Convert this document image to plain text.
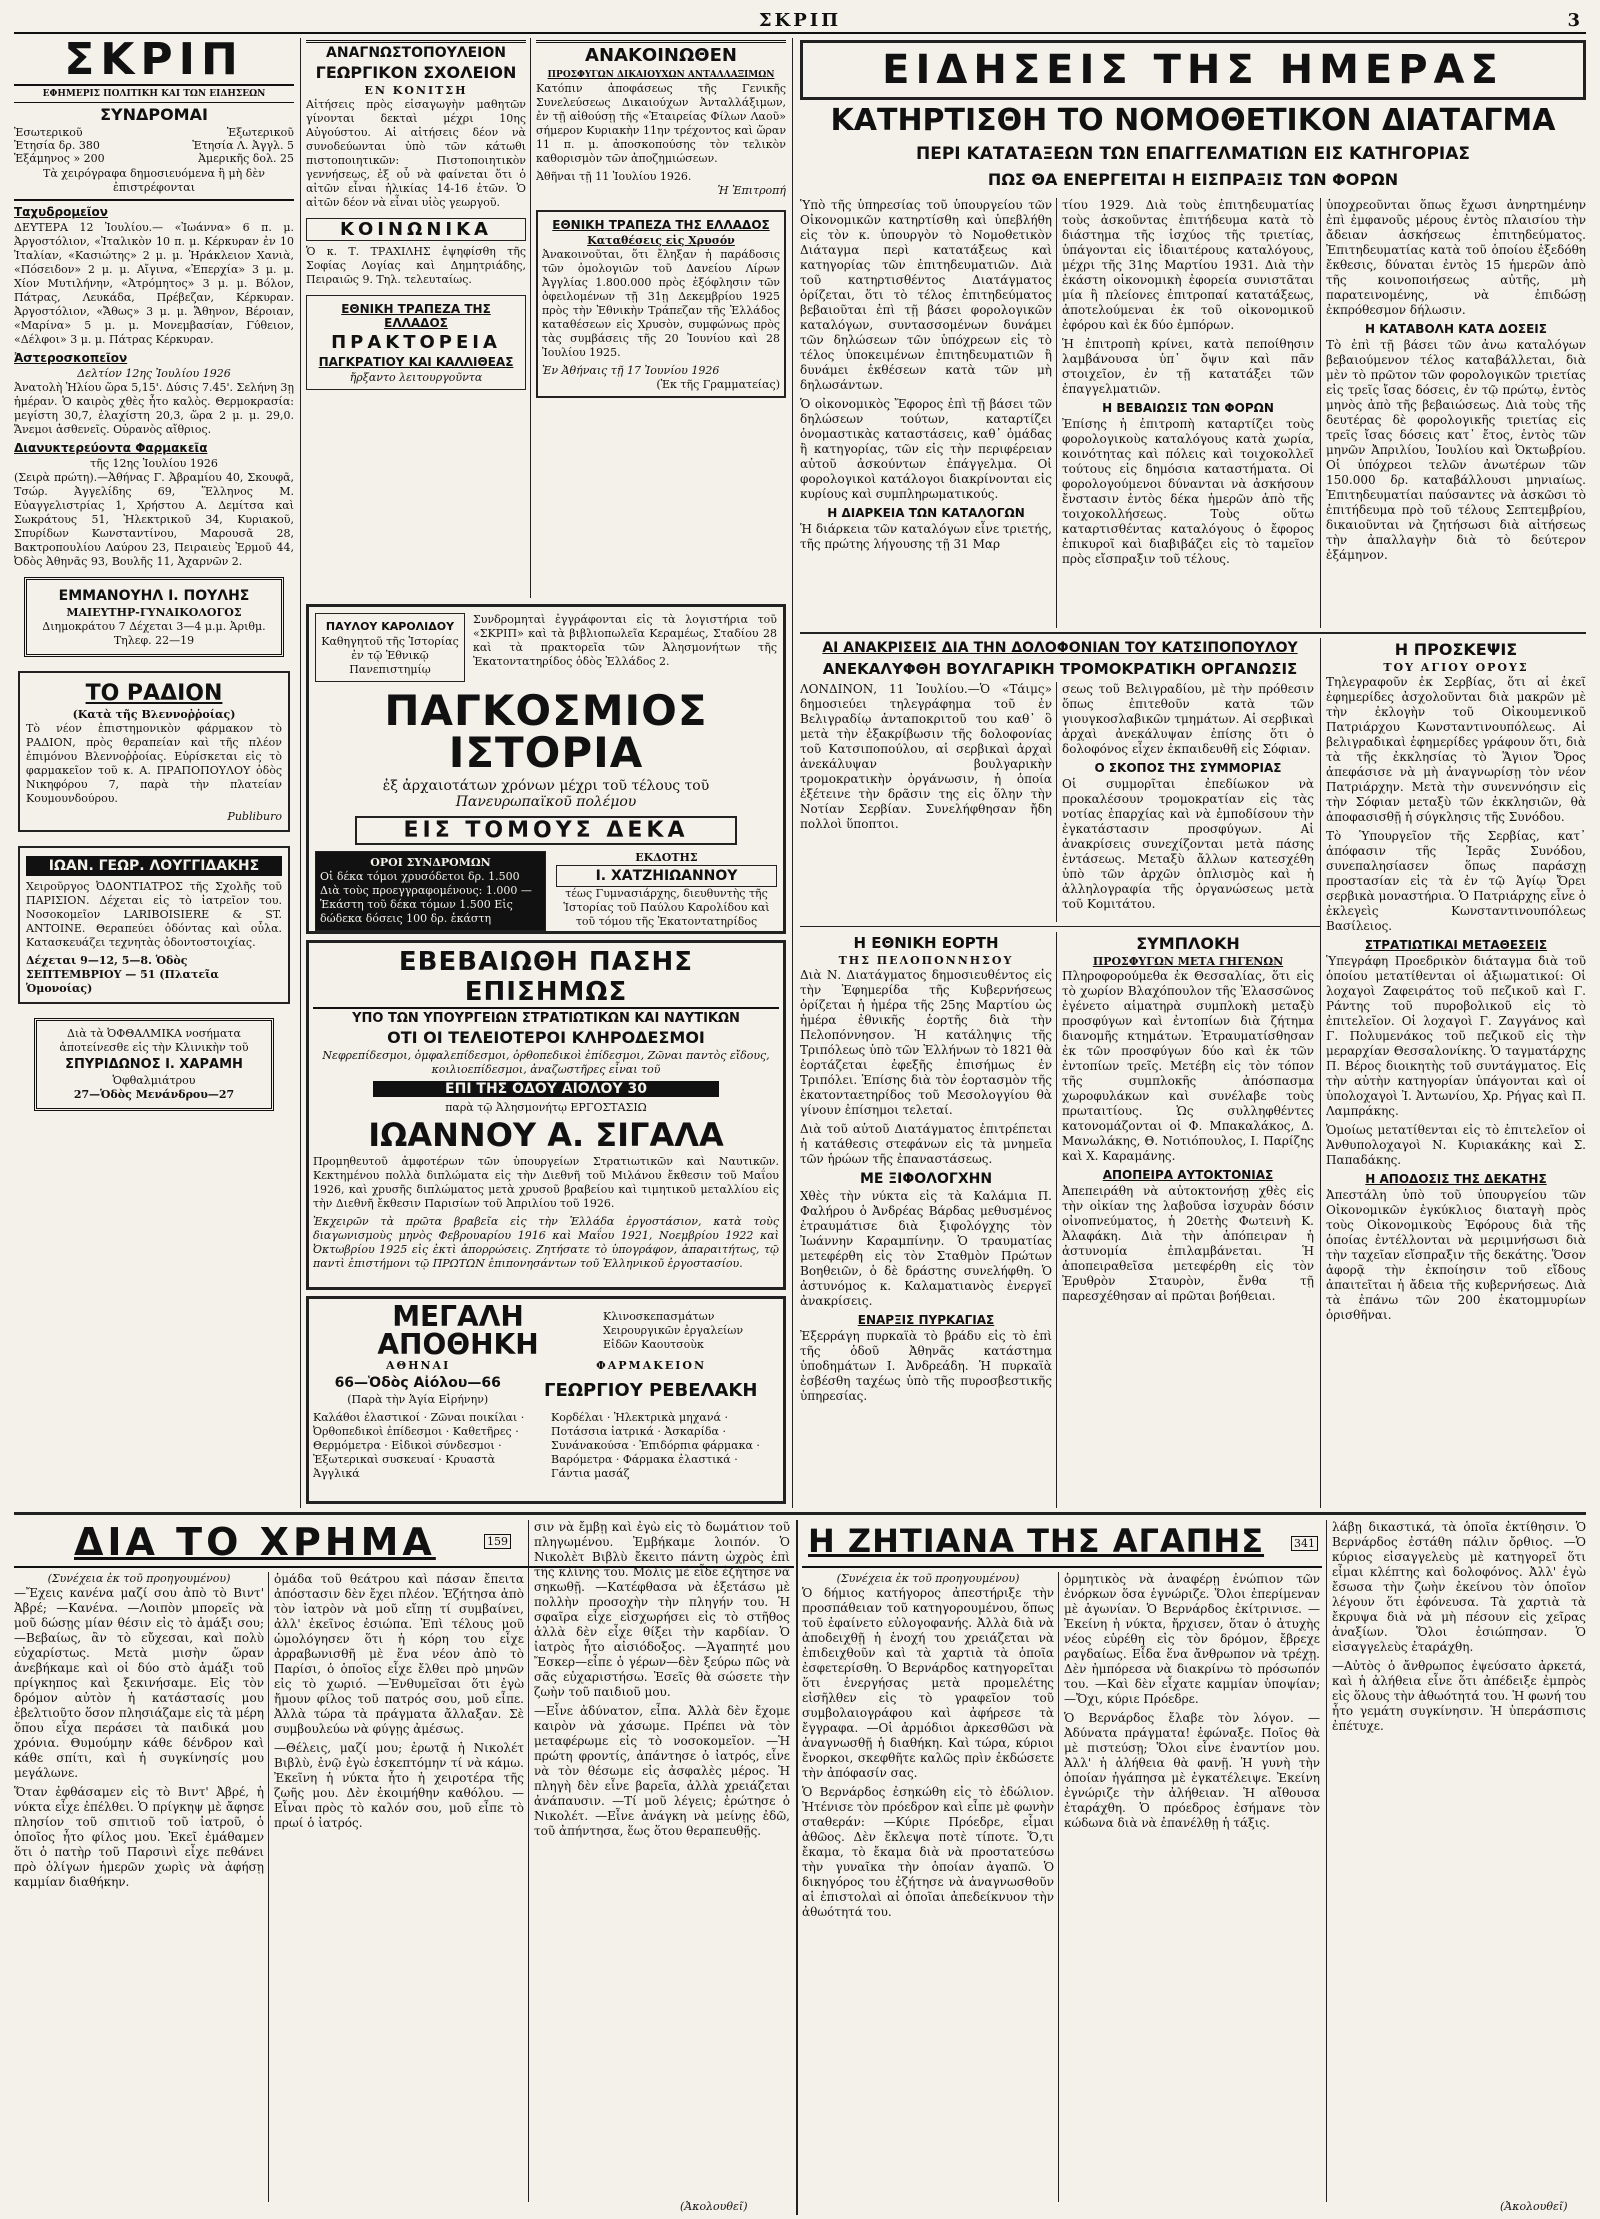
ΣΚΡΙΠ	3
ΣΚΡΙΠ
ΕΦΗΜΕΡΙΣ ΠΟΛΙΤΙΚΗ ΚΑΙ ΤΩΝ ΕΙΔΗΣΕΩΝ
ΣΥΝΔΡΟΜΑΙ
Ἐσωτερικοῦ	Ἐξωτερικοῦ
Ἐτησία δρ. 380	Ἐτησία Λ. Ἀγγλ. 5
Ἑξάμηνος » 200	Ἀμερικῆς δολ. 25
Τὰ χειρόγραφα δημοσιευόμενα ἢ μὴ δὲν ἐπιστρέφονται
Ταχυδρομεῖον

ΔΕΥΤΕΡΑ 12 Ἰουλίου.— «Ἰωάννα» 6 π. μ. Ἀργοστόλιον, «Ἰταλικὸν 10 π. μ. Κέρκυραν ἐν 10 Ἰταλίαν, «Κασιώτης» 2 μ. μ. Ἡράκλειον Χανιὰ, «Πόσειδον» 2 μ. μ. Αἴγινα, «Ἐπερχία» 3 μ. μ. Χίον Μυτιλήνην, «Ἀτρόμητος» 3 μ. μ. Βόλον, Πάτρας, Λευκάδα, Πρέβεζαν, Κέρκυραν. Ἀργοστόλιον, «Ἄθως» 3 μ. μ. Ἄθηνον, Βέροιαν, «Μαρίνα» 5 μ. μ. Μονεμβασίαν, Γύθειον, «Δέλφοι» 3 μ. μ. Πάτρας Κέρκυραν.

Ἀστεροσκοπεῖον
Δελτίον 12ης Ἰουλίου 1926

Ἀνατολὴ Ἡλίου ὥρα 5,15'. Δύσις 7.45'. Σελήνη 3ῃ ἡμέραν. Ὁ καιρὸς χθὲς ἦτο καλὸς. Θερμοκρασία: μεγίστη 30,7, ἐλαχίστη 20,3, ὥρα 2 μ. μ. 29,0. Ἄνεμοι ἀσθενεῖς. Οὐρανὸς αἴθριος.

Διανυκτερεύοντα Φαρμακεῖα
τῆς 12ης Ἰουλίου 1926

(Σειρὰ πρώτη).—Ἀθήνας Γ. Ἀβραμίου 40, Σκουφᾶ, Τσώρ. Ἀγγελίδης 69, Ἕλληνος Μ. Εὐαγγελιστρίας 1, Χρήστου Α. Δεμίτσα καὶ Σωκράτους 51, Ἠλεκτρικοῦ 34, Κυριακοῦ, Σπυρίδων Κωνσταντίνου, Μαρουσᾶ 28, Βακτροπουλίου Λαύρου 23, Πειραιεὺς Ἐρμοῦ 44, Ὀδὸς Ἀθηνᾶς 93, Βουλῆς 11, Ἀχαρνῶν 2.

ΕΜΜΑΝΟΥΗΛ Ι. ΠΟΥΛΗΣ
ΜΑΙΕΥΤΗΡ-ΓΥΝΑΙΚΟΛΟΓΟΣ
Διημοκράτου 7 Δέχεται 3—4 μ.μ. Ἀριθμ. Τηλεφ. 22—19
ΤΟ ΡΑΔΙΟΝ
(Κατὰ τῆς Βλεννοῤῥοίας)

Τὸ νέον ἐπιστημονικὸν φάρμακον τὸ ΡΑΔΙΟΝ, πρὸς θεραπείαν καὶ τῆς πλέον ἐπιμόνου Βλεννοῤῥοίας. Εὑρίσκεται εἰς τὸ φαρμακεῖον τοῦ κ. Α. ΠΡΑΠΟΠΟΥΛΟΥ ὁδὸς Νικηφόρου 7, παρὰ τὴν πλατείαν Κουμουνδούρου.

Publiburo
ΙΩΑΝ. ΓΕΩΡ. ΛΟΥΓΓΙΔΑΚΗΣ

Χειροῦργος ὈΔΟΝΤΙΑΤΡΟΣ τῆς Σχολῆς τοῦ ΠΑΡΙΣΙΟΝ. Δέχεται εἰς τὸ ἰατρεῖον του. Νοσοκομεῖον LARIBOISIERE & ST. ANTOINE. Θεραπεύει ὁδόντας καὶ οὖλα. Κατασκευάζει τεχνητὰς ὀδοντοστοιχίας.

Δέχεται 9—12, 5—8. Ὁδὸς ΣΕΠΤΕΜΒΡΙΟΥ — 51 (Πλατεῖα Ὁμονοίας)
Διὰ τὰ ὈΦΘΑΛΜΙΚΑ νοσήματα ἀποτείνεσθε εἰς τὴν Κλινικὴν τοῦ
ΣΠΥΡΙΔΩΝΟΣ Ι. ΧΑΡΑΜΗ
Ὁφθαλμιάτρου
27—Ὁδὸς Μενάνδρου—27
ΑΝΑΓΝΩΣΤΟΠΟΥΛΕΙΟΝ
ΓΕΩΡΓΙΚΟΝ ΣΧΟΛΕΙΟΝ
ΕΝ ΚΟΝΙΤΣΗ

Αἰτήσεις πρὸς εἰσαγωγὴν μαθητῶν γίνονται δεκταὶ μέχρι 10ης Αὐγούστου. Αἱ αἰτήσεις δέον νὰ συνοδεύωνται ὑπὸ τῶν κάτωθι πιστοποιητικῶν: Πιστοποιητικὸν γεννήσεως, ἐξ οὗ νὰ φαίνεται ὅτι ὁ αἰτῶν εἶναι ἡλικίας 14-16 ἐτῶν. Ὁ αἰτῶν δέον νὰ εἶναι υἱὸς γεωργοῦ.

ΚΟΙΝΩΝΙΚΑ

Ὁ κ. Τ. ΤΡΑΧΙΛΗΣ ἐψηφίσθη τῆς Σοφίας Λογίας καὶ Δημητριάδης, Πειραιῶς 9. Τηλ. τελευταίως.

ΕΘΝΙΚΗ ΤΡΑΠΕΖΑ ΤΗΣ ΕΛΛΑΔΟΣ
ΠΡΑΚΤΟΡΕΙΑ
ΠΑΓΚΡΑΤΙΟΥ ΚΑΙ ΚΑΛΛΙΘΕΑΣ
ἤρξαντο λειτουργοῦντα
ΑΝΑΚΟΙΝΩΘΕΝ
ΠΡΟΣΦΥΓΩΝ ΔΙΚΑΙΟΥΧΩΝ ΑΝΤΑΛΛΑΞΙΜΩΝ

Κατόπιν ἀποφάσεως τῆς Γενικῆς Συνελεύσεως Δικαιούχων Ἀνταλλάξιμων, ἐν τῇ αἰθούσῃ τῆς «Ἑταιρείας Φίλων Λαοῦ» σήμερον Κυριακὴν 11ην τρέχοντος καὶ ὥραν 11 π. μ. ἀποσκοπούσης τὸν τελικὸν καθορισμὸν τῶν ἀποζημιώσεων.

Ἀθῆναι τῇ 11 Ἰουλίου 1926.
Ἡ Ἐπιτροπή
ΕΘΝΙΚΗ ΤΡΑΠΕΖΑ ΤΗΣ ΕΛΛΑΔΟΣ
Καταθέσεις εἰς Χρυσόν

Ἀνακοινοῦται, ὅτι ἔληξαν ἡ παράδοσις τῶν ὁμολογιῶν τοῦ Δανείου Λίρων Ἀγγλίας 1.800.000 πρὸς ἐξόφλησιν τῶν ὀφειλομένων τῇ 31ῃ Δεκεμβρίου 1925 πρὸς τὴν Ἐθνικὴν Τράπεζαν τῆς Ἑλλάδος καταθέσεων εἰς Χρυσὸν, συμφώνως πρὸς τὰς συμβάσεις τῆς 20 Ἰουνίου καὶ 28 Ἰουλίου 1925.

Ἐν Ἀθήναις τῇ 17 Ἰουνίου 1926
(Ἐκ τῆς Γραμματείας)
ΠΑΥΛΟΥ ΚΑΡΟΛΙΔΟΥ
Καθηγητοῦ τῆς Ἱστορίας ἐν τῷ Ἐθνικῷ Πανεπιστημίῳ

Συνδρομηταὶ ἐγγράφονται εἰς τὰ λογιστήρια τοῦ «ΣΚΡΙΠ» καὶ τὰ βιβλιοπωλεῖα Κεραμέως, Σταδίου 28 καὶ τὰ πρακτορεῖα τῶν Ἀλησμονήτων τῆς Ἐκατοντατηρίδος ὁδὸς Ἑλλάδος 2.

ΠΑΓΚΟΣΜΙΟΣ ΙΣΤΟΡΙΑ
ἐξ ἀρχαιοτάτων χρόνων μέχρι τοῦ τέλους τοῦ
Πανευρωπαϊκοῦ πολέμου
ΕΙΣ ΤΟΜΟΥΣ ΔΕΚΑ
ΟΡΟΙ ΣΥΝΔΡΟΜΩΝ
Οἱ δέκα τόμοι χρυσόδετοι δρ. 1.500 Διὰ τοὺς προεγγραφομένους: 1.000 —Ἑκάστη τοῦ δέκα τόμων 1.500 Εἰς δώδεκα δόσεις 100 δρ. ἑκάστη
ΕΚΔΟΤΗΣ
Ι. ΧΑΤΖΗΙΩΑΝΝΟΥ
τέως Γυμνασιάρχης, διευθυντὴς τῆς Ἱστορίας τοῦ Παύλου Καρολίδου καὶ τοῦ τόμου τῆς Ἐκατοντατηρίδος
ΕΒΕΒΑΙΩΘΗ ΠΑΣΗΣ ΕΠΙΣΗΜΩΣ
ΥΠΟ ΤΩΝ ΥΠΟΥΡΓΕΙΩΝ ΣΤΡΑΤΙΩΤΙΚΩΝ ΚΑΙ ΝΑΥΤΙΚΩΝ
ΟΤΙ ΟΙ ΤΕΛΕΙΟΤΕΡΟΙ ΚΛΗΡΟΔΕΣΜΟΙ
Νεφρεπίδεσμοι, ὀμφαλεπίδεσμοι, ὀρθοπεδικοὶ ἐπίδεσμοι, Ζῶναι παντὸς εἴδους, κοιλιοεπίδεσμοι, ἀναζωστῆρες εἶναι τοῦ
ΕΠΙ ΤΗΣ ΟΔΟΥ ΑΙΟΛΟΥ 30
παρὰ τῷ Ἀλησμονήτῳ ΕΡΓΟΣΤΑΣΙΩ
ΙΩΑΝΝΟΥ Α. ΣΙΓΑΛΑ

Προμηθευτοῦ ἀμφοτέρων τῶν ὑπουργείων Στρατιωτικῶν καὶ Ναυτικῶν. Κεκτημένου πολλὰ διπλώματα εἰς τὴν Διεθνῆ τοῦ Μιλάνου ἔκθεσιν τοῦ Μαΐου 1926, καὶ χρυσῆς διπλώματος μετὰ χρυσοῦ βραβείου καὶ τιμητικοῦ μεταλλίου εἰς τὴν Διεθνῆ ἔκθεσιν Παρισίων τοῦ Ἀπριλίου τοῦ 1926.

Ἐκχειρῶν τὰ πρῶτα βραβεῖα εἰς τὴν Ἑλλάδα ἐργοστάσιον, κατὰ τοὺς διαγωνισμοὺς μηνὸς Φεβρουαρίου 1916 καὶ Μαΐου 1921, Νοεμβρίου 1922 καὶ Ὀκτωβρίου 1925 εἰς ἐκτὶ ἀπορρώσεις. Ζητήσατε τὸ ὑπογράφον, ἀπαραιτήτως, τῷ παντὶ ἐπιστήμονι τῷ ΠΡΩΤΩΝ ἐπιπονησάντων τοῦ Ἑλληνικοῦ ἐργοστασίου.

ΜΕΓΑΛΗ ΑΠΟΘΗΚΗ
Κλινοσκεπασμάτων Χειρουργικῶν ἐργαλείων Εἰδῶν Καουτσοὺκ
ΑΘΗΝΑΙ	ΦΑΡΜΑΚΕΙΟΝ
66—Ὁδὸς Αἰόλου—66
(Παρὰ τὴν Ἁγία Εἰρήνην)	ΓΕΩΡΓΙΟΥ ΡΕΒΕΛΑΚΗ
Καλάθοι ἐλαστικοί · Ζῶναι ποικίλαι · Ὀρθοπεδικοὶ ἐπίδεσμοι · Καθετῆρες · Θερμόμετρα · Εἰδικοὶ σύνδεσμοι · Ἐξωτερικαὶ συσκευαί · Κρυαστὰ Ἀγγλικά
Κορδέλαι · Ἠλεκτρικὰ μηχανά · Ποτάσσια ἰατρικά · Ἀσκαρίδα · Συνάνακούσα · Ἐπιδόρπια φάρμακα · Βαρόμετρα · Φάρμακα ἐλαστικά · Γάντια μασάζ
ΕΙΔΗΣΕΙΣ ΤΗΣ ΗΜΕΡΑΣ
ΚΑΤΗΡΤΙΣΘΗ ΤΟ ΝΟΜΟΘΕΤΙΚΟΝ ΔΙΑΤΑΓΜΑ
ΠΕΡΙ ΚΑΤΑΤΑΞΕΩΝ ΤΩΝ ΕΠΑΓΓΕΛΜΑΤΙΩΝ ΕΙΣ ΚΑΤΗΓΟΡΙΑΣ
ΠΩΣ ΘΑ ΕΝΕΡΓΕΙΤΑΙ Η ΕΙΣΠΡΑΞΙΣ ΤΩΝ ΦΟΡΩΝ

Ὑπὸ τῆς ὑπηρεσίας τοῦ ὑπουργείου τῶν Οἰκονομικῶν κατηρτίσθη καὶ ὑπεβλήθη εἰς τὸν κ. ὑπουργὸν τὸ Νομοθετικὸν Διάταγμα περὶ κατατάξεως καὶ κατηγορίας τῶν ἐπιτηδευματιῶν. Διὰ τοῦ κατηρτισθέντος Διατάγματος ὁρίζεται, ὅτι τὸ τέλος ἐπιτηδεύματος βεβαιοῦται ἐπὶ τῇ βάσει φορολογικῶν καταλόγων, συντασσομένων δυνάμει τῶν δηλώσεων τῶν ὑπόχρεων εἰς τὸ τέλος ὑποκειμένων ἐπιτηδευματιῶν ἢ δυνάμει ἐκθέσεων κατὰ τῶν μὴ δηλωσάντων.

Ὁ οἰκονομικὸς Ἔφορος ἐπὶ τῇ βάσει τῶν δηλώσεων τούτων, καταρτίζει ὀνομαστικὰς καταστάσεις, καθ᾽ ὁμάδας ἢ κατηγορίας, τῶν εἰς τὴν περιφέρειαν αὐτοῦ ἀσκούντων ἐπάγγελμα. Οἱ φορολογικοὶ κατάλογοι διακρίνονται εἰς κυρίους καὶ συμπληρωματικούς.

Η ΔΙΑΡΚΕΙΑ ΤΩΝ ΚΑΤΑΛΟΓΩΝ

Ἡ διάρκεια τῶν καταλόγων εἶνε τριετής, τῆς πρώτης λήγουσης τῇ 31 Μαρ

τίου 1929. Διὰ τοὺς ἐπιτηδευματίας τοὺς ἀσκοῦντας ἐπιτήδευμα κατὰ τὸ διάστημα τῆς ἰσχύος τῆς τριετίας, ὑπάγονται εἰς ἰδιαιτέρους καταλόγους, μέχρι τῆς 31ης Μαρτίου 1931. Διὰ τὴν ἐκάστη οἰκονομικὴ ἐφορεία συνιστᾶται μία ἢ πλείονες ἐπιτροπαί κατατάξεως, ἀποτελούμεναι ἐκ τοῦ οἰκονομικοῦ ἐφόρου καὶ ἐκ δύο ἐμπόρων.

Ἡ ἐπιτροπὴ κρίνει, κατὰ πεποίθησιν λαμβάνουσα ὑπ᾽ ὄψιν καὶ πᾶν στοιχεῖον, ἐν τῇ κατατάξει τῶν ἐπαγγελματιῶν.

Η ΒΕΒΑΙΩΣΙΣ ΤΩΝ ΦΟΡΩΝ

Ἐπίσης ἡ ἐπιτροπὴ καταρτίζει τοὺς φορολογικοὺς καταλόγους κατὰ χωρία, κοινότητας καὶ πόλεις καὶ τοιχοκολλεῖ τούτους εἰς δημόσια καταστήματα. Οἱ φορολογούμενοι δύνανται νὰ ἀσκήσουν ἔνστασιν ἐντὸς δέκα ἡμερῶν ἀπὸ τῆς τοιχοκολλήσεως. Τοὺς οὕτω καταρτισθέντας καταλόγους ὁ ἔφορος ἐπικυροῖ καὶ διαβιβάζει εἰς τὸ ταμεῖον πρὸς εἴσπραξιν τοῦ τέλους.

ὑποχρεοῦνται ὅπως ἔχωσι ἀνηρτημένην ἐπὶ ἐμφανοῦς μέρους ἐντὸς πλαισίου τὴν ἄδειαν ἀσκήσεως ἐπιτηδεύματος. Ἐπιτηδευματίας κατὰ τοῦ ὁποίου ἐξεδόθη ἔκθεσις, δύναται ἐντὸς 15 ἡμερῶν ἀπὸ τῆς κοινοποιήσεως αὐτῆς, μὴ παρατεινομένης, νὰ ἐπιδώσῃ ἐκπρόθεσμον δήλωσιν.

Η ΚΑΤΑΒΟΛΗ ΚΑΤΑ ΔΟΣΕΙΣ

Τὸ ἐπὶ τῇ βάσει τῶν ἀνω καταλόγων βεβαιούμενον τέλος καταβάλλεται, διὰ μὲν τὸ πρῶτον τῶν φορολογικῶν τριετίας εἰς τρεῖς ἴσας δόσεις, ἐν τῷ πρώτῳ, ἐντὸς μηνὸς ἀπὸ τῆς βεβαιώσεως. Διὰ τοὺς τῆς δευτέρας δὲ φορολογικῆς τριετίας εἰς τρεῖς ἴσας δόσεις κατ᾽ ἔτος, ἐντὸς τῶν μηνῶν Ἀπριλίου, Ἰουλίου καὶ Ὀκτωβρίου. Οἱ ὑπόχρεοι τελῶν ἀνωτέρων τῶν 150.000 δρ. καταβάλλουσι μηνιαίως. Ἐπιτηδευματίαι παύσαντες νὰ ἀσκῶσι τὸ ἐπιτήδευμα πρὸ τοῦ τέλους Σεπτεμβρίου, δικαιοῦνται νὰ ζητήσωσι διὰ αἰτήσεως τὴν ἀπαλλαγὴν διὰ τὸ δεύτερον ἑξάμηνον.

ΑΙ ΑΝΑΚΡΙΣΕΙΣ ΔΙΑ ΤΗΝ ΔΟΛΟΦΟΝΙΑΝ ΤΟΥ ΚΑΤΣΙΠΟΠΟΥΛΟΥ
ΑΝΕΚΑΛΥΦΘΗ ΒΟΥΛΓΑΡΙΚΗ ΤΡΟΜΟΚΡΑΤΙΚΗ ΟΡΓΑΝΩΣΙΣ

ΛΟΝΔΙΝΟΝ, 11 Ἰουλίου.—Ὁ «Τάιμς» δημοσιεύει τηλεγράφημα τοῦ ἐν Βελιγραδίῳ ἀνταποκριτοῦ του καθ᾽ ὃ μετὰ τὴν ἐξακρίβωσιν τῆς δολοφονίας τοῦ Κατσιποπούλου, αἱ σερβικαὶ ἀρχαὶ ἀνεκάλυψαν βουλγαρικὴν τρομοκρατικὴν ὀργάνωσιν, ἡ ὁποία ἐξέτεινε τὴν δρᾶσιν της εἰς ὅλην τὴν Νοτίαν Σερβίαν. Συνελήφθησαν ἤδη πολλοὶ ὕποπτοι.

σεως τοῦ Βελιγραδίου, μὲ τὴν πρόθεσιν ὅπως ἐπιτεθοῦν κατὰ τῶν γιουγκοσλαβικῶν τμημάτων. Αἱ σερβικαὶ ἀρχαὶ ἀνεκάλυψαν ἐπίσης ὅτι ὁ δολοφόνος εἶχεν ἐκπαιδευθῆ εἰς Σόφιαν.

Ο ΣΚΟΠΟΣ ΤΗΣ ΣΥΜΜΟΡΙΑΣ

Οἱ συμμορῖται ἐπεδίωκον νὰ προκαλέσουν τρομοκρατίαν εἰς τὰς νοτίας ἐπαρχίας καὶ νὰ ἐμποδίσουν τὴν ἐγκατάστασιν προσφύγων. Αἱ ἀνακρίσεις συνεχίζονται μετὰ πάσης ἐντάσεως. Μεταξὺ ἄλλων κατεσχέθη ὑπὸ τῶν ἀρχῶν ὁπλισμὸς καὶ ἡ ἀλληλογραφία τῆς ὀργανώσεως μετὰ τοῦ Κομιτάτου.

Η ΠΡΟΣΚΕΨΙΣ
ΤΟΥ ΑΓΙΟΥ ΟΡΟΥΣ

Τηλεγραφοῦν ἐκ Σερβίας, ὅτι αἱ ἐκεῖ ἐφημερίδες ἀσχολοῦνται διὰ μακρῶν μὲ τὴν ἐκλογὴν τοῦ Οἰκουμενικοῦ Πατριάρχου Κωνσταντινουπόλεως. Αἱ βελιγραδικαὶ ἐφημερίδες γράφουν ὅτι, διὰ τὰ τῆς ἐκκλησίας τὸ Ἅγιον Ὄρος ἀπεφάσισε νὰ μὴ ἀναγνωρίσῃ τὸν νέον Πατριάρχην. Μετὰ τὴν συνεννόησιν εἰς τὴν Σόφιαν μεταξὺ τῶν ἐκκλησιῶν, θὰ ἀποφασισθῇ ἡ σύγκλησις τῆς Συνόδου.

Τὸ Ὑπουργεῖον τῆς Σερβίας, κατ᾽ ἀπόφασιν τῆς Ἱερᾶς Συνόδου, συνεπαλησίασεν ὅπως παράσχῃ προστασίαν εἰς τὰ ἐν τῷ Ἁγίῳ Ὄρει σερβικὰ μοναστήρια. Ὁ Πατριάρχης εἶνε ὁ ἐκλεγεὶς Κωνσταντινουπόλεως Βασίλειος.

ΣΤΡΑΤΙΩΤΙΚΑΙ ΜΕΤΑΘΕΣΕΙΣ

Ὑπεγράφη Προεδρικὸν διάταγμα διὰ τοῦ ὁποίου μετατίθενται οἱ ἀξιωματικοί: Οἱ λοχαγοὶ Ζαφειράτος τοῦ πεζικοῦ καὶ Γ. Ράντης τοῦ πυροβολικοῦ εἰς τὸ ἐπιτελεῖον. Οἱ λοχαγοὶ Γ. Ζαγγάνος καὶ Γ. Πολυμενάκος τοῦ πεζικοῦ εἰς τὴν μεραρχίαν Θεσσαλονίκης. Ὁ ταγματάρχης Π. Βέρος διοικητὴς τοῦ συντάγματος. Εἰς τὴν αὐτὴν κατηγορίαν ὑπάγονται καὶ οἱ ὑπολοχαγοὶ Ἰ. Ἀντωνίου, Χρ. Ρήγας καὶ Π. Λαμπράκης.

Ὁμοίως μετατίθενται εἰς τὸ ἐπιτελεῖον οἱ Ἀνθυπολοχαγοὶ Ν. Κυριακάκης καὶ Σ. Παπαδάκης.

Η ΑΠΟΔΟΣΙΣ ΤΗΣ ΔΕΚΑΤΗΣ

Ἀπεστάλη ὑπὸ τοῦ ὑπουργείου τῶν Οἰκονομικῶν ἐγκύκλιος διαταγὴ πρὸς τοὺς Οἰκονομικοὺς Ἐφόρους διὰ τῆς ὁποίας ἐντέλλονται νὰ μεριμνήσωσι διὰ τὴν ταχεῖαν εἴσπραξιν τῆς δεκάτης. Ὅσον ἀφορᾷ τὴν ἐκποίησιν τοῦ εἴδους ἀπαιτεῖται ἡ ἄδεια τῆς κυβερνήσεως. Διὰ τὰ ἐπάνω τῶν 200 ἑκατομμυρίων ὁρισθῆναι.

Η ΕΘΝΙΚΗ ΕΟΡΤΗ
ΤΗΣ ΠΕΛΟΠΟΝΝΗΣΟΥ

Διὰ Ν. Διατάγματος δημοσιευθέντος εἰς τὴν Ἐφημερίδα τῆς Κυβερνήσεως ὁρίζεται ἡ ἡμέρα τῆς 25ης Μαρτίου ὡς ἡμέρα ἐθνικῆς ἑορτῆς διὰ τὴν Πελοπόννησον. Ἡ κατάληψις τῆς Τριπόλεως ὑπὸ τῶν Ἑλλήνων τὸ 1821 θὰ ἑορτάζεται ἐφεξῆς ἐπισήμως ἐν Τριπόλει. Ἐπίσης διὰ τὸν ἑορτασμὸν τῆς ἑκατονταετηρίδος τοῦ Μεσολογγίου θὰ γίνουν ἐπίσημοι τελεταί.

Διὰ τοῦ αὐτοῦ Διατάγματος ἐπιτρέπεται ἡ κατάθεσις στεφάνων εἰς τὰ μνημεῖα τῶν ἡρώων τῆς ἐπαναστάσεως.

ΜΕ ΞΙΦΟΛΟΓΧΗΝ

Χθὲς τὴν νύκτα εἰς τὰ Καλάμια Π. Φαλήρου ὁ Ἀνδρέας Βάρδας μεθυσμένος ἐτραυμάτισε διὰ ξιφολόγχης τὸν Ἰωάννην Καραμπίνην. Ὁ τραυματίας μετεφέρθη εἰς τὸν Σταθμὸν Πρώτων Βοηθειῶν, ὁ δὲ δράστης συνελήφθη. Ὁ ἀστυνόμος κ. Καλαματιανὸς ἐνεργεῖ ἀνακρίσεις.

ΕΝΑΡΞΙΣ ΠΥΡΚΑΓΙΑΣ

Ἐξερράγη πυρκαϊὰ τὸ βράδυ εἰς τὸ ἐπὶ τῆς ὁδοῦ Ἀθηνᾶς κατάστημα ὑποδημάτων Ι. Ἀνδρεάδη. Ἡ πυρκαϊὰ ἐσβέσθη ταχέως ὑπὸ τῆς πυροσβεστικῆς ὑπηρεσίας.

ΣΥΜΠΛΟΚΗ
ΠΡΟΣΦΥΓΩΝ ΜΕΤΑ ΓΗΓΕΝΩΝ

Πληροφορούμεθα ἐκ Θεσσαλίας, ὅτι εἰς τὸ χωρίον Βλαχόπουλον τῆς Ἐλασσῶνος ἐγένετο αἱματηρὰ συμπλοκὴ μεταξὺ προσφύγων καὶ ἐντοπίων διὰ ζήτημα διανομῆς κτημάτων. Ἐτραυματίσθησαν ἐκ τῶν προσφύγων δύο καὶ ἐκ τῶν ἐντοπίων τρεῖς. Μετέβη εἰς τὸν τόπον τῆς συμπλοκῆς ἀπόσπασμα χωροφυλάκων καὶ συνέλαβε τοὺς πρωταιτίους. Ὡς συλληφθέντες κατονομάζονται οἱ Φ. Μπακαλάκος, Δ. Μανωλάκης, Θ. Νοτιόπουλος, Ι. Παρίζης καὶ Χ. Καραμάνης.

ΑΠΟΠΕΙΡΑ ΑΥΤΟΚΤΟΝΙΑΣ

Ἀπεπειράθη νὰ αὐτοκτονήσῃ χθὲς εἰς τὴν οἰκίαν της λαβοῦσα ἰσχυρὰν δόσιν οἰνοπνεύματος, ἡ 20ετὴς Φωτεινὴ Κ. Ἀλαφάκη. Διὰ τὴν ἀπόπειραν ἡ ἀστυνομία ἐπιλαμβάνεται. Ἡ ἀποπειραθεῖσα μετεφέρθη εἰς τὸν Ἐρυθρὸν Σταυρὸν, ἔνθα τῇ παρεσχέθησαν αἱ πρῶται βοήθειαι.

ΔΙΑ ΤΟ ΧΡΗΜΑ	159
(Συνέχεια ἐκ τοῦ προηγουμένου)

—Ἔχεις κανένα μαζί σου ἀπὸ τὸ Βιντ' Ἀβρέ; —Κανένα. —Λοιπὸν μπορεῖς νὰ μοῦ δώσῃς μίαν θέσιν εἰς τὸ ἀμάξι σου; —Βεβαίως, ἂν τὸ εὔχεσαι, καὶ πολὺ εὐχαρίστως. Μετὰ μισὴν ὥραν ἀνεβήκαμε καὶ οἱ δύο στὸ ἀμάξι τοῦ πρίγκηπος καὶ ξεκινήσαμε. Εἰς τὸν δρόμον αὐτὸν ἡ κατάστασίς μου ἐβελτιοῦτο ὅσον πλησιάζαμε εἰς τὰ μέρη ὅπου εἶχα περάσει τὰ παιδικά μου χρόνια. Θυμούμην κάθε δένδρον καὶ κάθε σπίτι, καὶ ἡ συγκίνησίς μου μεγάλωνε.

Ὅταν ἐφθάσαμεν εἰς τὸ Βιντ' Ἀβρέ, ἡ νύκτα εἶχε ἐπέλθει. Ὁ πρίγκηψ μὲ ἄφησε πλησίον τοῦ σπιτιοῦ τοῦ ἰατροῦ, ὁ ὁποῖος ἦτο φίλος μου. Ἐκεῖ ἐμάθαμεν ὅτι ὁ πατὴρ τοῦ Παρσινὶ εἶχε πεθάνει πρὸ ὀλίγων ἡμερῶν χωρὶς νὰ ἀφήσῃ καμμίαν διαθήκην.

ὁμάδα τοῦ θεάτρου καὶ πάσαν ἔπειτα ἀπόστασιν δὲν ἔχει πλέον. Ἐζήτησα ἀπὸ τὸν ἰατρὸν νὰ μοῦ εἴπῃ τί συμβαίνει, ἀλλ' ἐκεῖνος ἐσιώπα. Ἐπὶ τέλους μοῦ ὡμολόγησεν ὅτι ἡ κόρη του εἶχε ἀρραβωνισθῆ μὲ ἕνα νέον ἀπὸ τὸ Παρίσι, ὁ ὁποῖος εἶχε ἔλθει πρὸ μηνῶν εἰς τὸ χωριό. —Ἐνθυμεῖσαι ὅτι ἐγὼ ἤμουν φίλος τοῦ πατρός σου, μοῦ εἶπε. Ἀλλὰ τώρα τὰ πράγματα ἄλλαξαν. Σὲ συμβουλεύω νὰ φύγῃς ἀμέσως.

—Θέλεις, μαζί μου; ἐρωτᾷ ἡ Νικολέτ Βιβλὺ, ἐνῷ ἐγὼ ἐσκεπτόμην τί νὰ κάμω. Ἐκεῖνη ἡ νύκτα ἦτο ἡ χειροτέρα τῆς ζωῆς μου. Δὲν ἐκοιμήθην καθόλου. —Εἶναι πρὸς τὸ καλόν σου, μοῦ εἶπε τὸ πρωί ὁ ἰατρός.

σιν νὰ ἔμβῃ καὶ ἐγὼ εἰς τὸ δωμάτιον τοῦ πληγωμένου. Ἐμβήκαμε λοιπόν. Ὁ Νικολὲτ Βιβλὺ ἔκειτο πάντη ὠχρὸς ἐπὶ τῆς κλίνης του. Μόλις μὲ εἶδε ἐζήτησε νὰ σηκωθῇ. —Κατέφθασα νὰ ἐξετάσω μὲ πολλὴν προσοχὴν τὴν πληγήν του. Ἡ σφαῖρα εἶχε εἰσχωρήσει εἰς τὸ στῆθος ἀλλὰ δὲν εἶχε θίξει τὴν καρδίαν. Ὁ ἰατρὸς ἦτο αἰσιόδοξος. —Ἀγαπητέ μου Ἔσκερ—εἶπε ὁ γέρων—δὲν ξεύρω πῶς νὰ σᾶς εὐχαριστήσω. Ἐσεῖς θὰ σώσετε τὴν ζωὴν τοῦ παιδιοῦ μου.

—Εἶνε ἀδύνατον, εἶπα. Ἀλλὰ δὲν ἔχομε καιρὸν νὰ χάσωμε. Πρέπει νὰ τὸν μεταφέρωμε εἰς τὸ νοσοκομεῖον. —Ἡ πρώτη φροντίς, ἀπάντησε ὁ ἰατρός, εἶνε νὰ τὸν θέσωμε εἰς ἀσφαλὲς μέρος. Ἡ πληγὴ δὲν εἶνε βαρεῖα, ἀλλὰ χρειάζεται ἀνάπαυσιν. —Τί μοῦ λέγεις; ἐρώτησε ὁ Νικολέτ. —Εἶνε ἀνάγκη νὰ μείνῃς ἐδῶ, τοῦ ἀπήντησα, ἕως ὅτου θεραπευθῇς.

(Ἀκολουθεῖ)
Η ΖΗΤΙΑΝΑ ΤΗΣ ΑΓΑΠΗΣ	341
(Συνέχεια ἐκ τοῦ προηγουμένου)

Ὁ δήμιος κατήγορος ἀπεστήριξε τὴν προσπάθειαν τοῦ κατηγορουμένου, ὅπως τοῦ ἐφαίνετο εὐλογοφανής. Ἀλλὰ διὰ νὰ ἀποδειχθῇ ἡ ἐνοχή του χρειάζεται νὰ ἐπιδειχθοῦν καὶ τὰ χαρτιὰ τὰ ὁποῖα ἐσφετερίσθη. Ὁ Βερνάρδος κατηγορεῖται ὅτι ἐνεργήσας μετὰ προμελέτης εἰσῆλθεν εἰς τὸ γραφεῖον τοῦ συμβολαιογράφου καὶ ἀφήρεσε τὰ ἔγγραφα. —Οἱ ἀρμόδιοι ἀρκεσθῶσι νὰ ἀναγνωσθῇ ἡ διαθήκη. Καὶ τώρα, κύριοι ἔνορκοι, σκεφθῆτε καλῶς πρὶν ἐκδώσετε τὴν ἀπόφασίν σας.

Ὁ Βερνάρδος ἐσηκώθη εἰς τὸ ἐδώλιον. Ἠτένισε τὸν πρόεδρον καὶ εἶπε μὲ φωνὴν σταθεράν: —Κύριε Πρόεδρε, εἶμαι ἀθῶος. Δὲν ἔκλεψα ποτὲ τίποτε. Ὅ,τι ἔκαμα, τὸ ἔκαμα διὰ νὰ προστατεύσω τὴν γυναῖκα τὴν ὁποίαν ἀγαπῶ. Ὁ δικηγόρος του ἐζήτησε νὰ ἀναγνωσθοῦν αἱ ἐπιστολαὶ αἱ ὁποῖαι ἀπεδείκνυον τὴν ἀθωότητά του.

ὁρμητικὸς νὰ ἀναφέρῃ ἐνώπιον τῶν ἐνόρκων ὅσα ἐγνώριζε. Ὅλοι ἐπερίμεναν μὲ ἀγωνίαν. Ὁ Βερνάρδος ἐκίτρινισε. —Ἐκείνη ἡ νύκτα, ἤρχισεν, ὅταν ὁ ἀτυχὴς νέος εὑρέθη εἰς τὸν δρόμον, ἔβρεχε ραγδαίως. Εἶδα ἕνα ἄνθρωπον νὰ τρέχῃ. Δὲν ἠμπόρεσα νὰ διακρίνω τὸ πρόσωπόν του. —Καὶ δὲν εἶχατε καμμίαν ὑποψίαν; —Ὄχι, κύριε Πρόεδρε.

Ὁ Βερνάρδος ἔλαβε τὸν λόγον. —Ἀδύνατα πράγματα! ἐφώναξε. Ποῖος θὰ μὲ πιστεύσῃ; Ὅλοι εἶνε ἐναντίον μου. Ἀλλ' ἡ ἀλήθεια θὰ φανῇ. Ἡ γυνὴ τὴν ὁποίαν ἠγάπησα μὲ ἐγκατέλειψε. Ἐκείνη ἐγνώριζε τὴν ἀλήθειαν. Ἡ αἴθουσα ἐταράχθη. Ὁ πρόεδρος ἐσήμανε τὸν κώδωνα διὰ νὰ ἐπανέλθῃ ἡ τάξις.

λάβῃ δικαστικά, τὰ ὁποῖα ἐκτίθησιν. Ὁ Βερνάρδος ἐστάθη πάλιν ὄρθιος. —Ὁ κύριος εἰσαγγελεὺς μὲ κατηγορεῖ ὅτι εἶμαι κλέπτης καὶ δολοφόνος. Ἀλλ' ἐγὼ ἔσωσα τὴν ζωὴν ἐκείνου τὸν ὁποῖον λέγουν ὅτι ἐφόνευσα. Τὰ χαρτιὰ τὰ ἔκρυψα διὰ νὰ μὴ πέσουν εἰς χεῖρας ἀναξίων. Ὅλοι ἐσιώπησαν. Ὁ εἰσαγγελεὺς ἐταράχθη.

—Αὐτὸς ὁ ἄνθρωπος ἐψεύσατο ἀρκετά, καὶ ἡ ἀλήθεια εἶνε ὅτι ἀπέδειξε ἐμπρὸς εἰς ὅλους τὴν ἀθωότητά του. Ἡ φωνή του ἦτο γεμάτη συγκίνησιν. Ἡ ὑπεράσπισις ἐπέτυχε.

(Ἀκολουθεῖ)
